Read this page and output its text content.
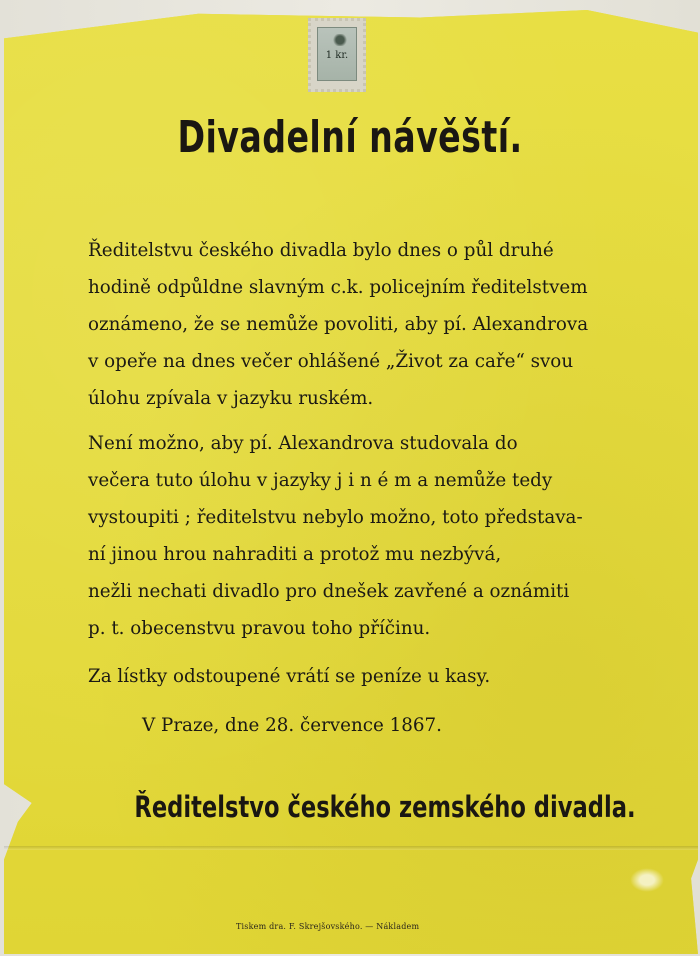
1 kr.
Divadelní návěští.
Ředitelstvu českého divadla bylo dnes o půl druhé
hodině odpůldne slavným c.k. policejním ředitelstvem
oznámeno, že se nemůže povoliti, aby pí. Alexandrova
v opeře na dnes večer ohlášené „Život za caře“ svou
úlohu zpívala v jazyku ruském.
Není možno, aby pí. Alexandrova studovala do
večera tuto úlohu v jazyky j i n é m a nemůže tedy
vystoupiti ; ředitelstvu nebylo možno, toto představa-
ní jinou hrou nahraditi a protož mu nezbývá,
nežli nechati divadlo pro dnešek zavřené a oznámiti
p. t. obecenstvu pravou toho příčinu.
Za lístky odstoupené vrátí se peníze u kasy.
V Praze, dne 28. července 1867.
Ředitelstvo českého zemského divadla.
Tiskem dra. F. Skrejšovského. — Nákladem
